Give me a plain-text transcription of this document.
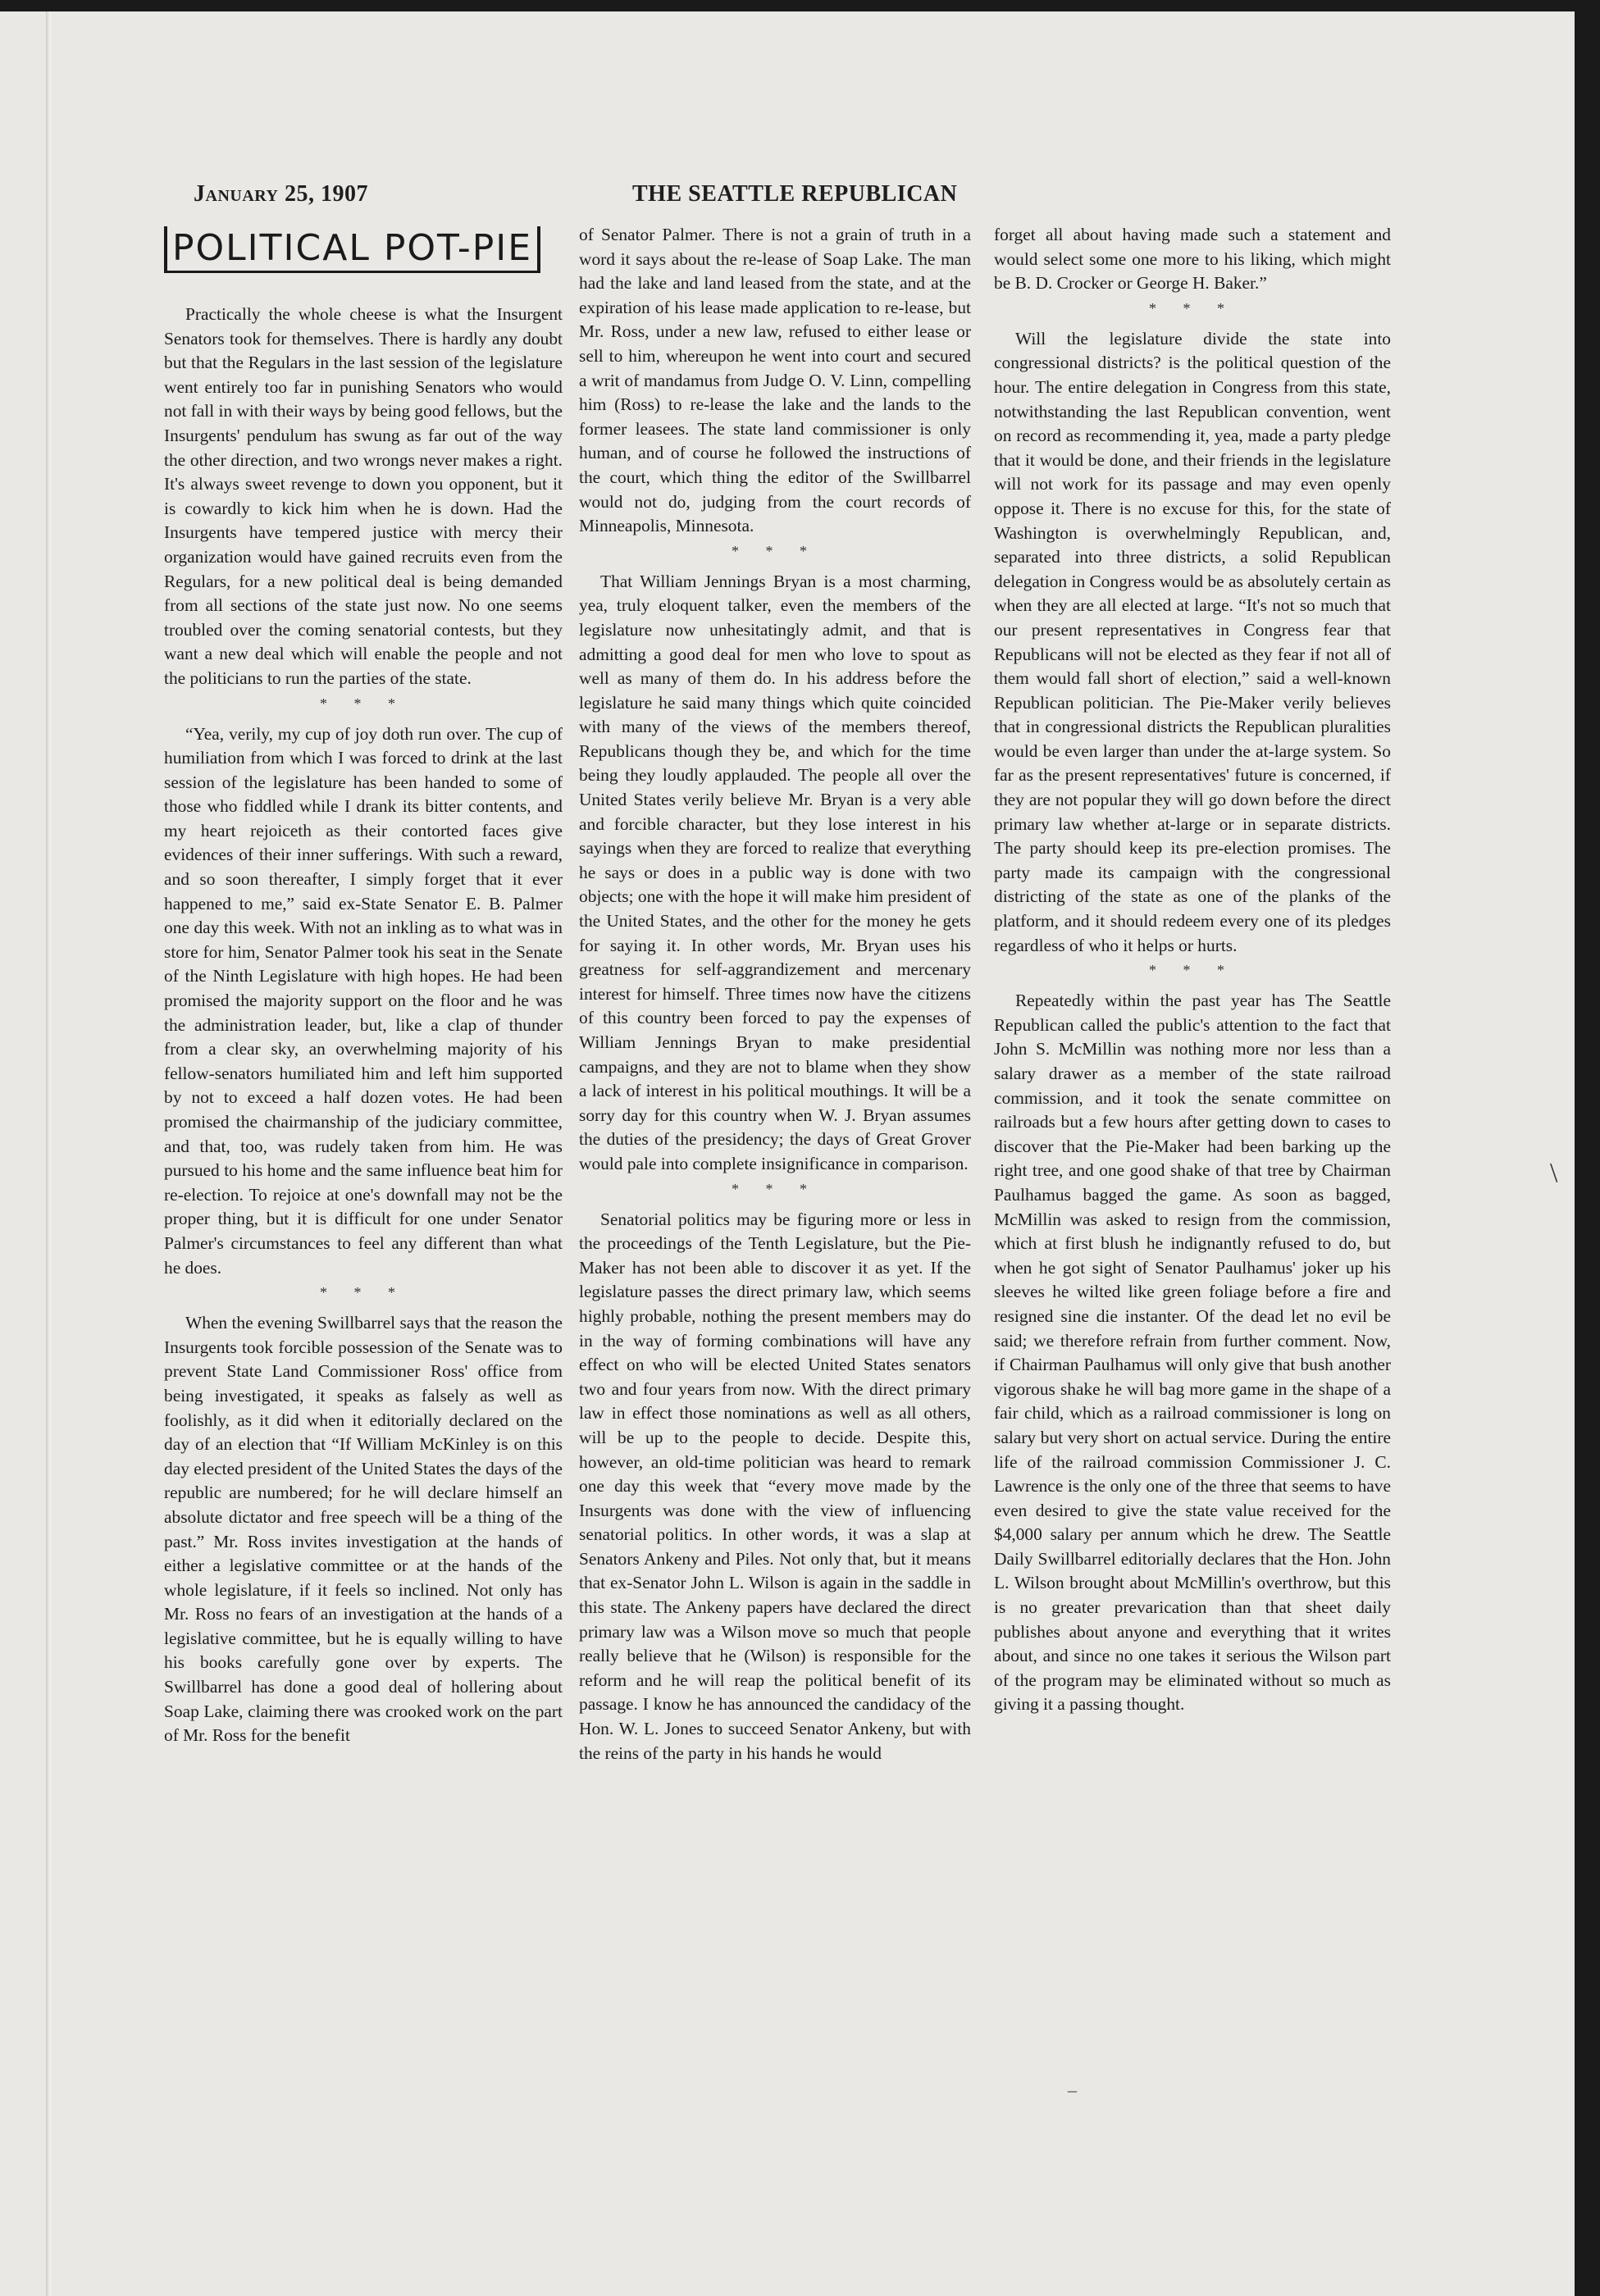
January 25, 1907	THE SEATTLE REPUBLICAN
POLITICAL POT-PIE

Practically the whole cheese is what the Insurgent Senators took for themselves. There is hardly any doubt but that the Regulars in the last session of the legislature went entirely too far in punishing Senators who would not fall in with their ways by being good fellows, but the Insurgents' pendulum has swung as far out of the way the other direction, and two wrongs never makes a right. It's always sweet revenge to down you opponent, but it is cowardly to kick him when he is down. Had the Insurgents have tempered justice with mercy their organization would have gained recruits even from the Regulars, for a new political deal is being demanded from all sections of the state just now. No one seems troubled over the coming senatorial contests, but they want a new deal which will enable the people and not the politicians to run the parties of the state.

* * *

“Yea, verily, my cup of joy doth run over. The cup of humiliation from which I was forced to drink at the last session of the legislature has been handed to some of those who fiddled while I drank its bitter contents, and my heart rejoiceth as their contorted faces give evidences of their inner sufferings. With such a reward, and so soon thereafter, I simply forget that it ever happened to me,” said ex-State Senator E. B. Palmer one day this week. With not an inkling as to what was in store for him, Senator Palmer took his seat in the Senate of the Ninth Legislature with high hopes. He had been promised the majority support on the floor and he was the administration leader, but, like a clap of thunder from a clear sky, an overwhelming majority of his fellow-senators humiliated him and left him supported by not to exceed a half dozen votes. He had been promised the chairmanship of the judiciary committee, and that, too, was rudely taken from him. He was pursued to his home and the same influence beat him for re-election. To rejoice at one's downfall may not be the proper thing, but it is difficult for one under Senator Palmer's circumstances to feel any different than what he does.

* * *

When the evening Swillbarrel says that the reason the Insurgents took forcible possession of the Senate was to prevent State Land Commissioner Ross' office from being investigated, it speaks as falsely as well as foolishly, as it did when it editorially declared on the day of an election that “If William McKinley is on this day elected president of the United States the days of the republic are numbered; for he will declare himself an absolute dictator and free speech will be a thing of the past.” Mr. Ross invites investigation at the hands of either a legislative committee or at the hands of the whole legislature, if it feels so inclined. Not only has Mr. Ross no fears of an investigation at the hands of a legislative committee, but he is equally willing to have his books carefully gone over by experts. The Swillbarrel has done a good deal of hollering about Soap Lake, claiming there was crooked work on the part of Mr. Ross for the benefit

of Senator Palmer. There is not a grain of truth in a word it says about the re-lease of Soap Lake. The man had the lake and land leased from the state, and at the expiration of his lease made application to re-lease, but Mr. Ross, under a new law, refused to either lease or sell to him, whereupon he went into court and secured a writ of mandamus from Judge O. V. Linn, compelling him (Ross) to re-lease the lake and the lands to the former leasees. The state land commissioner is only human, and of course he followed the instructions of the court, which thing the editor of the Swillbarrel would not do, judging from the court records of Minneapolis, Minnesota.

* * *

That William Jennings Bryan is a most charming, yea, truly eloquent talker, even the members of the legislature now unhesitatingly admit, and that is admitting a good deal for men who love to spout as well as many of them do. In his address before the legislature he said many things which quite coincided with many of the views of the members thereof, Republicans though they be, and which for the time being they loudly applauded. The people all over the United States verily believe Mr. Bryan is a very able and forcible character, but they lose interest in his sayings when they are forced to realize that everything he says or does in a public way is done with two objects; one with the hope it will make him president of the United States, and the other for the money he gets for saying it. In other words, Mr. Bryan uses his greatness for self-aggrandizement and mercenary interest for himself. Three times now have the citizens of this country been forced to pay the expenses of William Jennings Bryan to make presidential campaigns, and they are not to blame when they show a lack of interest in his political mouthings. It will be a sorry day for this country when W. J. Bryan assumes the duties of the presidency; the days of Great Grover would pale into complete insignificance in comparison.

* * *

Senatorial politics may be figuring more or less in the proceedings of the Tenth Legislature, but the Pie-Maker has not been able to discover it as yet. If the legislature passes the direct primary law, which seems highly probable, nothing the present members may do in the way of forming combinations will have any effect on who will be elected United States senators two and four years from now. With the direct primary law in effect those nominations as well as all others, will be up to the people to decide. Despite this, however, an old-time politician was heard to remark one day this week that “every move made by the Insurgents was done with the view of influencing senatorial politics. In other words, it was a slap at Senators Ankeny and Piles. Not only that, but it means that ex-Senator John L. Wilson is again in the saddle in this state. The Ankeny papers have declared the direct primary law was a Wilson move so much that people really believe that he (Wilson) is responsible for the reform and he will reap the political benefit of its passage. I know he has announced the candidacy of the Hon. W. L. Jones to succeed Senator Ankeny, but with the reins of the party in his hands he would

forget all about having made such a statement and would select some one more to his liking, which might be B. D. Crocker or George H. Baker.”

* * *

Will the legislature divide the state into congressional districts? is the political question of the hour. The entire delegation in Congress from this state, notwithstanding the last Republican convention, went on record as recommending it, yea, made a party pledge that it would be done, and their friends in the legislature will not work for its passage and may even openly oppose it. There is no excuse for this, for the state of Washington is overwhelmingly Republican, and, separated into three districts, a solid Republican delegation in Congress would be as absolutely certain as when they are all elected at large. “It's not so much that our present representatives in Congress fear that Republicans will not be elected as they fear if not all of them would fall short of election,” said a well-known Republican politician. The Pie-Maker verily believes that in congressional districts the Republican pluralities would be even larger than under the at-large system. So far as the present representatives' future is concerned, if they are not popular they will go down before the direct primary law whether at-large or in separate districts. The party should keep its pre-election promises. The party made its campaign with the congressional districting of the state as one of the planks of the platform, and it should redeem every one of its pledges regardless of who it helps or hurts.

* * *

Repeatedly within the past year has The Seattle Republican called the public's attention to the fact that John S. McMillin was nothing more nor less than a salary drawer as a member of the state railroad commission, and it took the senate committee on railroads but a few hours after getting down to cases to discover that the Pie-Maker had been barking up the right tree, and one good shake of that tree by Chairman Paulhamus bagged the game. As soon as bagged, McMillin was asked to resign from the commission, which at first blush he indignantly refused to do, but when he got sight of Senator Paulhamus' joker up his sleeves he wilted like green foliage before a fire and resigned sine die instanter. Of the dead let no evil be said; we therefore refrain from further comment. Now, if Chairman Paulhamus will only give that bush another vigorous shake he will bag more game in the shape of a fair child, which as a railroad commissioner is long on salary but very short on actual service. During the entire life of the railroad commission Commissioner J. C. Lawrence is the only one of the three that seems to have even desired to give the state value received for the $4,000 salary per annum which he drew. The Seattle Daily Swillbarrel editorially declares that the Hon. John L. Wilson brought about McMillin's overthrow, but this is no greater prevarication than that sheet daily publishes about anyone and everything that it writes about, and since no one takes it serious the Wilson part of the program may be eliminated without so much as giving it a passing thought.

\
–
